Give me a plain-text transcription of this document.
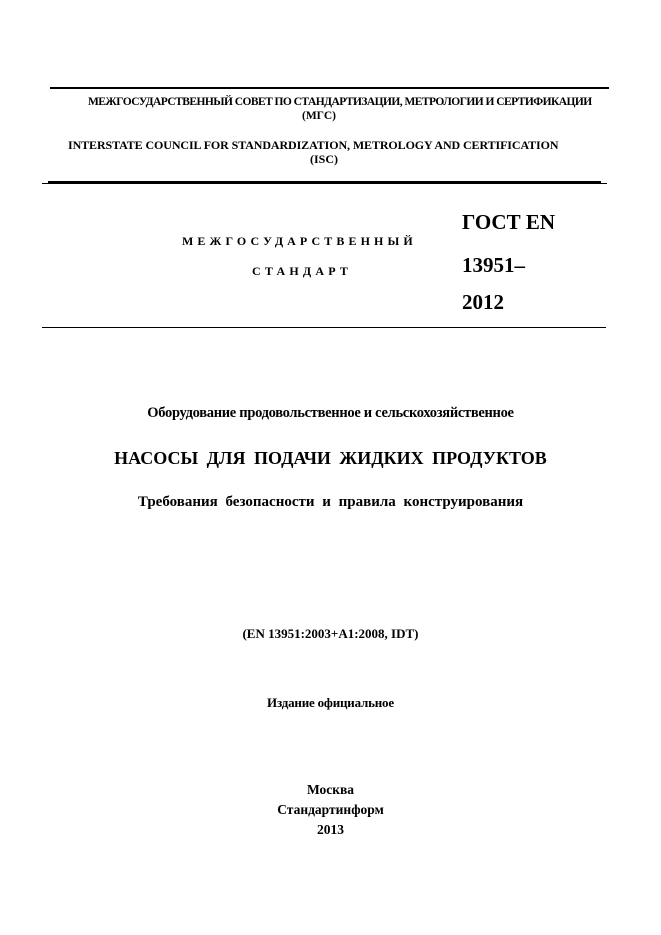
МЕЖГОСУДАРСТВЕННЫЙ СОВЕТ ПО СТАНДАРТИЗАЦИИ, МЕТРОЛОГИИ И СЕРТИФИКАЦИИ
(МГС)
INTERSTATE COUNCIL FOR STANDARDIZATION, METROLOGY AND CERTIFICATION
(ISC)
МЕЖГОСУДАРСТВЕННЫЙ
СТАНДАРТ
ГОСТ EN
13951–
2012
Оборудование продовольственное и сельскохозяйственное
НАСОСЫ ДЛЯ ПОДАЧИ ЖИДКИХ ПРОДУКТОВ
Требования безопасности и правила конструирования
(EN 13951:2003+A1:2008, IDT)
Издание официальное
Москва
Стандартинформ
2013
